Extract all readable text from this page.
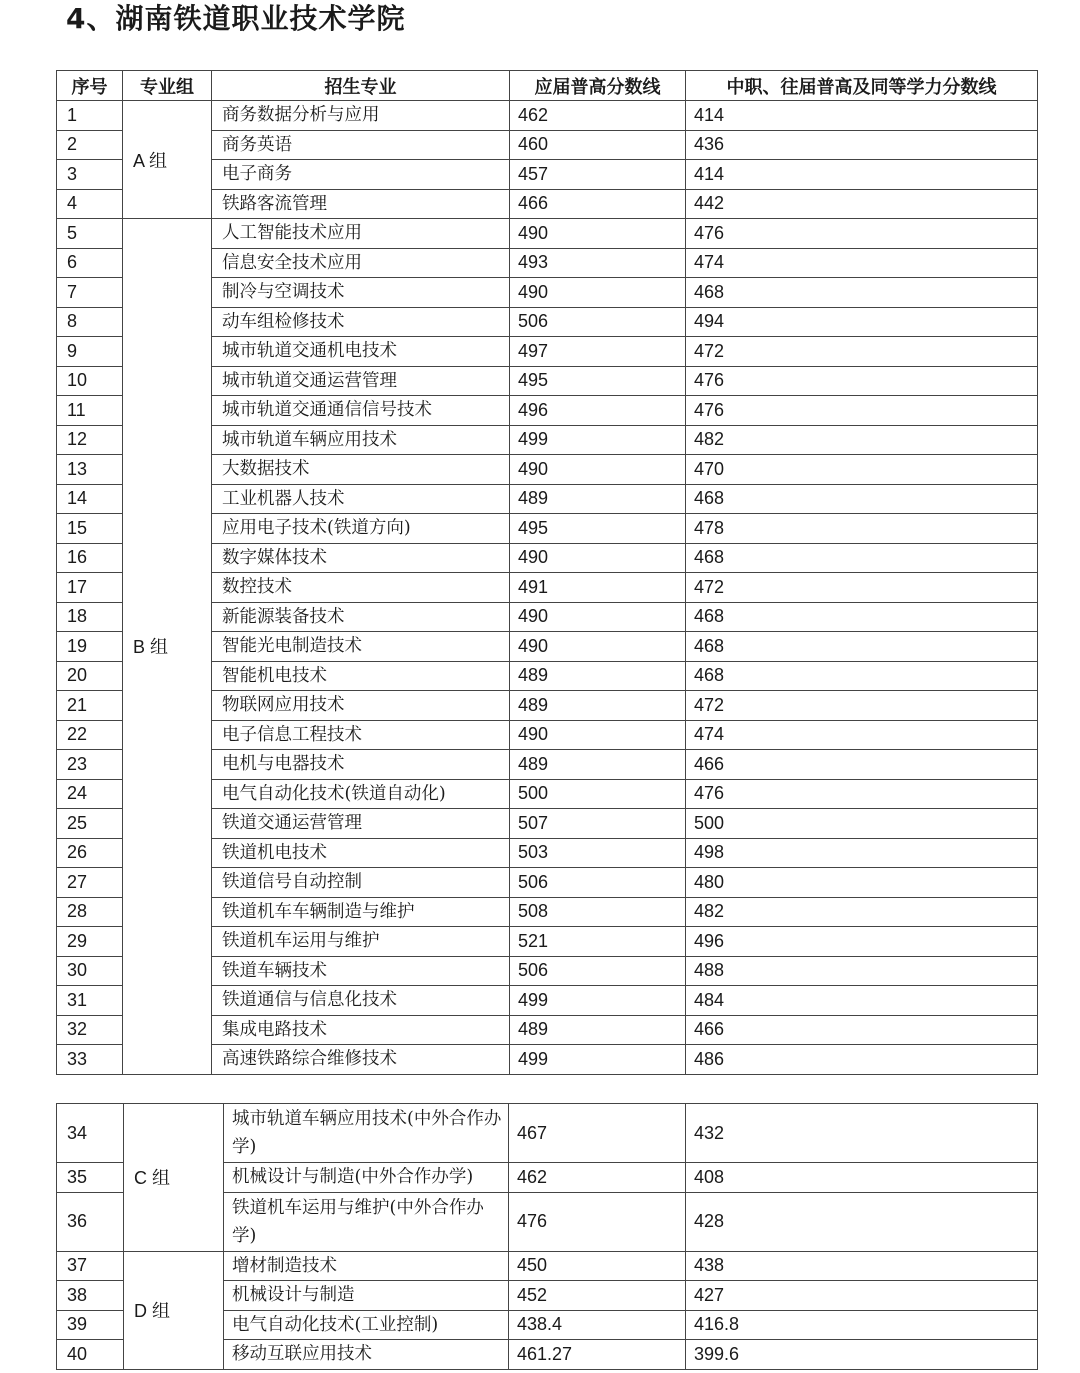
4、湖南铁道职业技术学院
序号	专业组	招生专业	应届普高分数线	中职、往届普高及同等学力分数线
1	A 组	商务数据分析与应用	462	414
2		商务英语	460	436
3		电子商务	457	414
4		铁路客流管理	466	442
5	B 组	人工智能技术应用	490	476
6		信息安全技术应用	493	474
7		制冷与空调技术	490	468
8		动车组检修技术	506	494
9		城市轨道交通机电技术	497	472
10		城市轨道交通运营管理	495	476
11		城市轨道交通通信信号技术	496	476
12		城市轨道车辆应用技术	499	482
13		大数据技术	490	470
14		工业机器人技术	489	468
15		应用电子技术(铁道方向)	495	478
16		数字媒体技术	490	468
17		数控技术	491	472
18		新能源装备技术	490	468
19		智能光电制造技术	490	468
20		智能机电技术	489	468
21		物联网应用技术	489	472
22		电子信息工程技术	490	474
23		电机与电器技术	489	466
24		电气自动化技术(铁道自动化)	500	476
25		铁道交通运营管理	507	500
26		铁道机电技术	503	498
27		铁道信号自动控制	506	480
28		铁道机车车辆制造与维护	508	482
29		铁道机车运用与维护	521	496
30		铁道车辆技术	506	488
31		铁道通信与信息化技术	499	484
32		集成电路技术	489	466
33		高速铁路综合维修技术	499	486
34	C 组	城市轨道车辆应用技术(中外合作办学)	467	432
35		机械设计与制造(中外合作办学)	462	408
36		铁道机车运用与维护(中外合作办学)	476	428
37	D 组	增材制造技术	450	438
38		机械设计与制造	452	427
39		电气自动化技术(工业控制)	438.4	416.8
40		移动互联应用技术	461.27	399.6
